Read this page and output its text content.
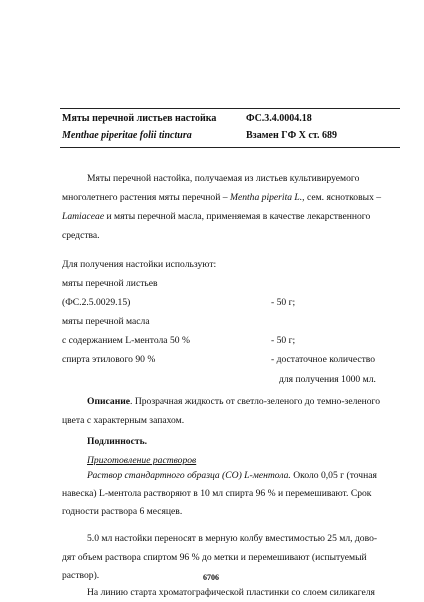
Мяты перечной листьев настойка	ФС.3.4.0004.18
Menthae piperitae folii tinctura	Взамен ГФ X ст. 689
Мяты перечной настойка, получаемая из листьев культивируемого
многолетнего растения мяты перечной – Mentha piperita L., сем. яснотковых –
Lamiaceae и мяты перечной масла, применяемая в качестве лекарственного
средства.
Для получения настойки используют:
мяты перечной листьев
(ФС.2.5.0029.15)	- 50 г;
мяты перечной масла
с содержанием L-ментола 50 %	- 50 г;
спирта этилового 90 %	- достаточное количество
для получения 1000 мл.
Описание. Прозрачная жидкость от светло-зеленого до темно-зеленого
цвета с характерным запахом.
Подлинность.
Приготовление растворов
Раствор стандартного образца (СО) L-ментола. Около 0,05 г (точная
навеска) L-ментола растворяют в 10 мл спирта 96 % и перемешивают. Срок
годности раствора 6 месяцев.
5.0 мл настойки переносят в мерную колбу вместимостью 25 мл, дово-
дят объем раствора спиртом 96 % до метки и перемешивают (испытуемый
раствор).
На линию старта хроматографической пластинки со слоем силикагеля
6706
